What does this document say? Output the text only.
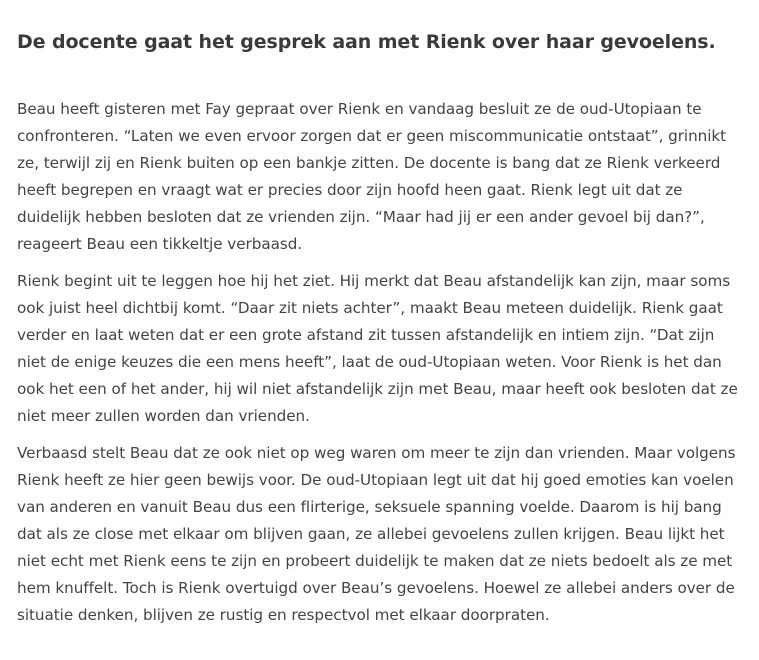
De docente gaat het gesprek aan met Rienk over haar gevoelens.

Beau heeft gisteren met Fay gepraat over Rienk en vandaag besluit ze de oud-Utopiaan te confronteren. “Laten we even ervoor zorgen dat er geen miscommunicatie ontstaat”, grinnikt ze, terwijl zij en Rienk buiten op een bankje zitten. De docente is bang dat ze Rienk verkeerd heeft begrepen en vraagt wat er precies door zijn hoofd heen gaat. Rienk legt uit dat ze duidelijk hebben besloten dat ze vrienden zijn. “Maar had jij er een ander gevoel bij dan?”, reageert Beau een tikkeltje verbaasd.

Rienk begint uit te leggen hoe hij het ziet. Hij merkt dat Beau afstandelijk kan zijn, maar soms ook juist heel dichtbij komt. “Daar zit niets achter”, maakt Beau meteen duidelijk. Rienk gaat verder en laat weten dat er een grote afstand zit tussen afstandelijk en intiem zijn. “Dat zijn niet de enige keuzes die een mens heeft”, laat de oud-Utopiaan weten. Voor Rienk is het dan ook het een of het ander, hij wil niet afstandelijk zijn met Beau, maar heeft ook besloten dat ze niet meer zullen worden dan vrienden.

Verbaasd stelt Beau dat ze ook niet op weg waren om meer te zijn dan vrienden. Maar volgens Rienk heeft ze hier geen bewijs voor. De oud-Utopiaan legt uit dat hij goed emoties kan voelen van anderen en vanuit Beau dus een flirterige, seksuele spanning voelde. Daarom is hij bang dat als ze close met elkaar om blijven gaan, ze allebei gevoelens zullen krijgen. Beau lijkt het niet echt met Rienk eens te zijn en probeert duidelijk te maken dat ze niets bedoelt als ze met hem knuffelt. Toch is Rienk overtuigd over Beau’s gevoelens. Hoewel ze allebei anders over de situatie denken, blijven ze rustig en respectvol met elkaar doorpraten.
